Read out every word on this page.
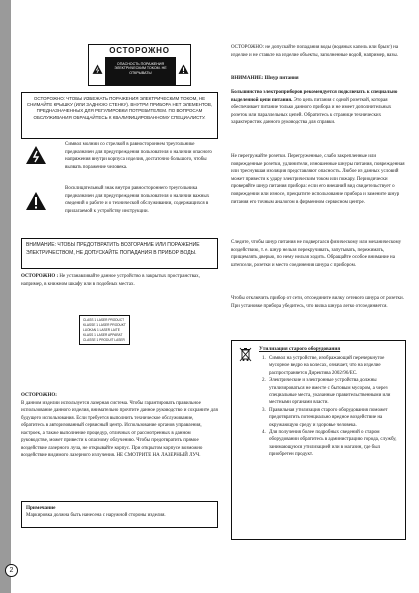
ОСТОРОЖНО
ОПАСНОСТЬ ПОРАЖЕНИЯ ЭЛЕКТРИЧЕСКИМ ТОКОМ. НЕ ОТКРЫВАТЬ!
ОСТОРОЖНО: ЧТОБЫ ИЗБЕЖАТЬ ПОРАЖЕНИЯ ЭЛЕКТРИЧЕСКИМ ТОКОМ, НЕ СНИМАЙТЕ КРЫШКУ (ИЛИ ЗАДНЮЮ СТЕНКУ). ВНУТРИ ПРИБОРА НЕТ ЭЛЕМЕНТОВ, ПРЕДНАЗНАЧЕННЫХ ДЛЯ РЕГУЛИРОВКИ ПОТРЕБИТЕЛЕМ. ПО ВОПРОСАМ ОБСЛУЖИВАНИЯ ОБРАЩАЙТЕСЬ К КВАЛИФИЦИРОВАННОМУ СПЕЦИАЛИСТУ.
Символ молнии со стрелкой в равностороннем треугольнике предназначен для предупреждения пользователя о наличии опасного напряжения внутри корпуса изделия, достаточно большого, чтобы вызвать поражение человека.
Восклицательный знак внутри равностороннего треугольника предназначен для предупреждения пользователя о наличии важных сведений о работе и о технической обслуживании, содержащихся в прилагаемой к устройству инструкции.
ВНИМАНИЕ: ЧТОБЫ ПРЕДОТВРАТИТЬ ВОЗГОРАНИЕ ИЛИ ПОРАЖЕНИЕ ЭЛЕКТРИЧЕСТВОМ, НЕ ДОПУСКАЙТЕ ПОПАДАНИЯ В ПРИБОР ВОДЫ.
ОСТОРОЖНО : Не устанавливайте данное устройство в закрытых пространствах, например, в книжном шкафу или в подобных местах.
CLASS 1 LASER PRODUCT
KLASSE 1 LASER PRODUKT
LUOKAN 1 LASER LAITE
KLASS 1 LASER APPARAT
CLASSE 1 PRODUIT LASER
ОСТОРОЖНО:
В данном изделии используется лазерная система. Чтобы гарантировать правильное использование данного изделия, внимательно прочтите данное руководство и сохраните для будущего использования. Если требуется выполнить техническое обслуживание, обратитесь в авторизованный сервисный центр. Использование органов управления, настроек, а также выполнение процедур, отличных от рассмотренных в данном руководстве, может привести к опасному облучению. Чтобы предотвратить прямое воздействие лазерного луча, не открывайте корпус. При открытом корпусе возможно воздействие видимого лазерного излучения. НЕ СМОТРИТЕ НА ЛАЗЕРНЫЙ ЛУЧ.
Примечание
Маркировка должна быть нанесена с наружной стороны изделия.
ОСТОРОЖНО: не допускайте попадания воды (водяных капель или брызг) на изделие и не ставьте на изделие объекты, заполненные водой, например, вазы.
ВНИМАНИЕ: Шнур питания
Большинство электроприборов рекомендуется подключать к специально выделенной цепи питания. Это цепь питания с одной розеткой, которая обеспечивает питание только данного прибора и не имеет дополнительных розеток или параллельных цепей. Обратитесь к странице технических характеристик данного руководства для справки.
Не перегружайте розетки. Перегруженные, слабо закрепленные или поврежденные розетки, удлинители, изношенные шнуры питания, поврежденная или треснувшая изоляция представляют опасность. Любое из данных условий может привести к удару электрическим током или пожару. Периодически проверяйте шнур питания прибора: если его внешний вид свидетельствует о повреждении или износе, прекратите использование прибора и замените шнур питания его точным аналогом в фирменном сервисном центре.
Следите, чтобы шнур питания не подвергался физическому или механическому воздействию, т. е. шнур нельзя перекручивать, запутывать, пережимать, прищемлять дверью, по нему нельзя ходить. Обращайте особое внимание на штепсели, розетки и место соединения шнура с прибором.
Чтобы отключить прибор от сети, отсоедините вилку сетевого шнура от розетки. При установке прибора убедитесь, что вилка шнура легко отсоединяется.
Утилизация старого оборудования
1. Символ на устройстве, изображающий перечеркнутое мусорное ведро на колесах, означает, что на изделие распространяется Директива 2002/96/EC.
2. Электрические и электронные устройства должны утилизироваться не вместе с бытовым мусором, а через специальные места, указанные правительственными или местными органами власти.
3. Правильная утилизация старого оборудования поможет предотвратить потенциально вредное воздействие на окружающую среду и здоровье человека.
4. Для получения более подробных сведений о старом оборудовании обратитесь в администрацию города, службу, занимающуюся утилизацией или в магазин, где был приобретен продукт.
2
